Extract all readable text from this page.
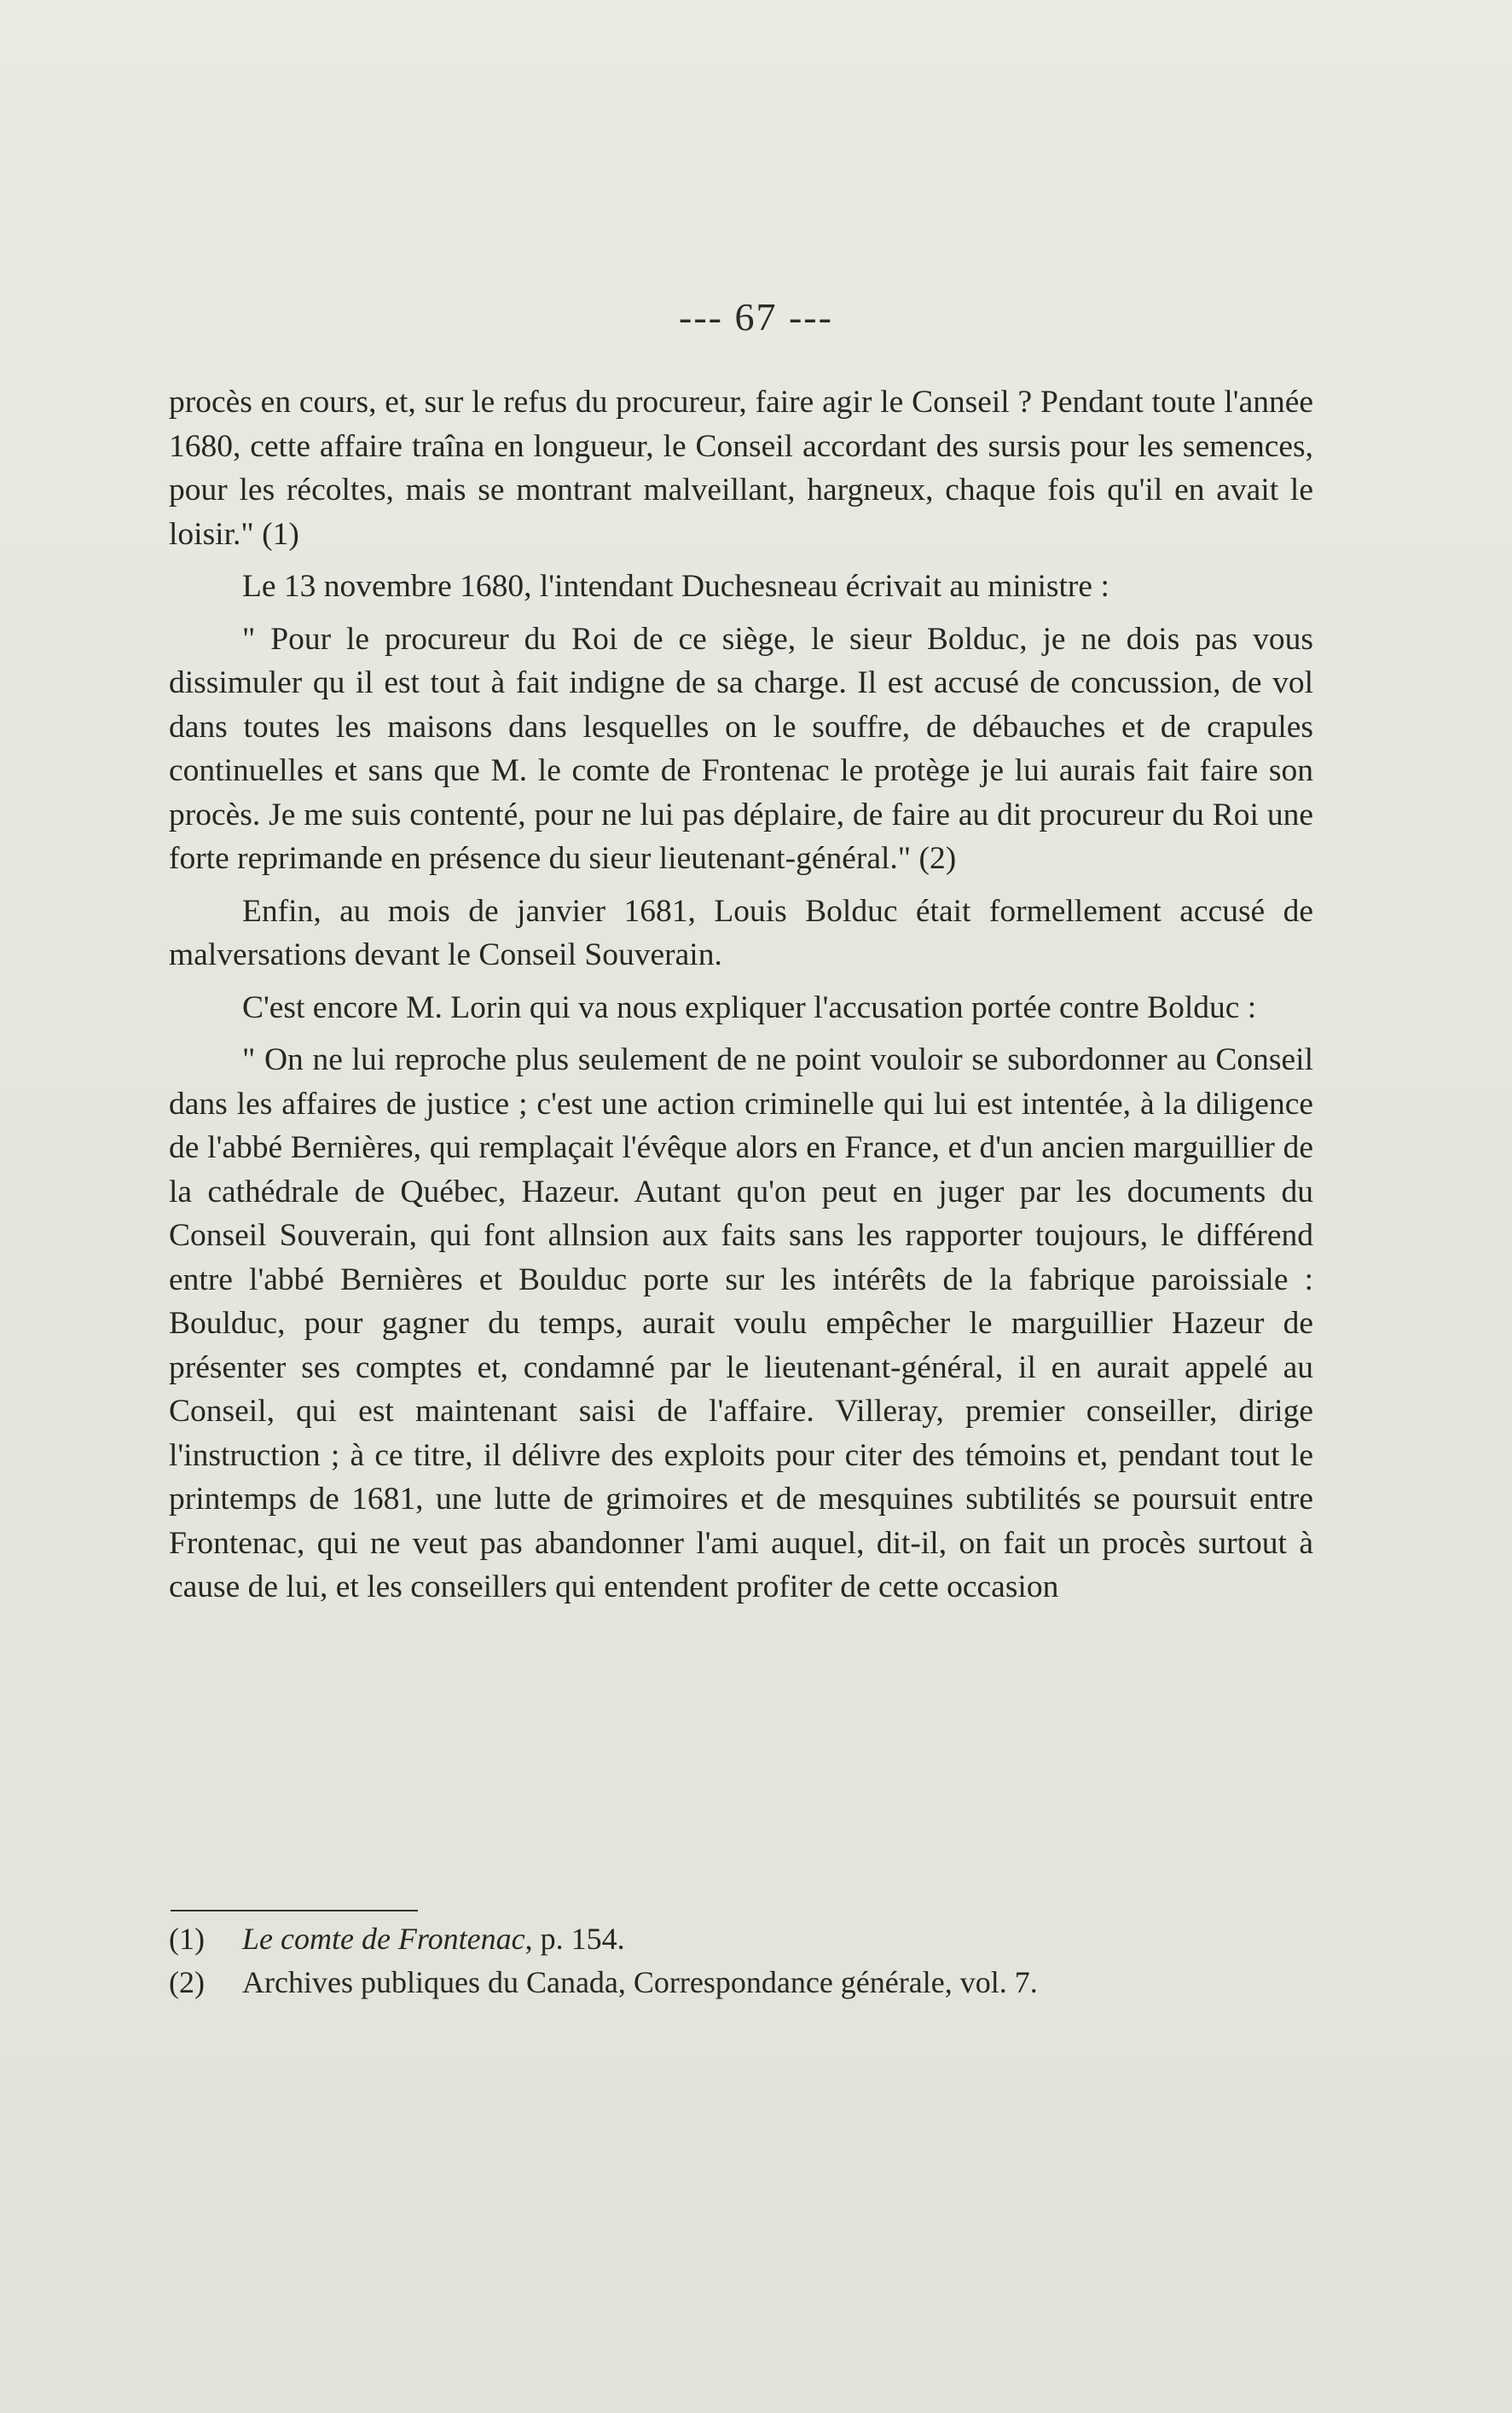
--- 67 ---

procès en cours, et, sur le refus du procureur, faire agir le Conseil ? Pendant toute l'année 1680, cette affaire traîna en longueur, le Conseil accordant des sursis pour les semences, pour les récoltes, mais se montrant malveillant, hargneux, chaque fois qu'il en avait le loisir." (1)

Le 13 novembre 1680, l'intendant Duchesneau écrivait au ministre :

" Pour le procureur du Roi de ce siège, le sieur Bolduc, je ne dois pas vous dissimuler qu il est tout à fait indigne de sa charge. Il est accusé de concussion, de vol dans toutes les maisons dans lesquelles on le souffre, de débauches et de crapules continuelles et sans que M. le comte de Frontenac le protège je lui aurais fait faire son procès. Je me suis contenté, pour ne lui pas déplaire, de faire au dit procureur du Roi une forte reprimande en présence du sieur lieutenant-général." (2)

Enfin, au mois de janvier 1681, Louis Bolduc était formellement accusé de malversations devant le Conseil Souverain.

C'est encore M. Lorin qui va nous expliquer l'accusation portée contre Bolduc :

" On ne lui reproche plus seulement de ne point vouloir se subordonner au Conseil dans les affaires de justice ; c'est une action criminelle qui lui est intentée, à la diligence de l'abbé Bernières, qui remplaçait l'évêque alors en France, et d'un ancien marguillier de la cathédrale de Québec, Hazeur. Autant qu'on peut en juger par les documents du Conseil Souverain, qui font allnsion aux faits sans les rapporter toujours, le différend entre l'abbé Bernières et Boulduc porte sur les intérêts de la fabrique paroissiale : Boulduc, pour gagner du temps, aurait voulu empêcher le marguillier Hazeur de présenter ses comptes et, condamné par le lieutenant-général, il en aurait appelé au Conseil, qui est maintenant saisi de l'affaire. Villeray, premier conseiller, dirige l'instruction ; à ce titre, il délivre des exploits pour citer des témoins et, pendant tout le printemps de 1681, une lutte de grimoires et de mesquines subtilités se poursuit entre Frontenac, qui ne veut pas abandonner l'ami auquel, dit-il, on fait un procès surtout à cause de lui, et les conseillers qui entendent profiter de cette occasion

(1) Le comte de Frontenac, p. 154.

(2) Archives publiques du Canada, Correspondance générale, vol. 7.
